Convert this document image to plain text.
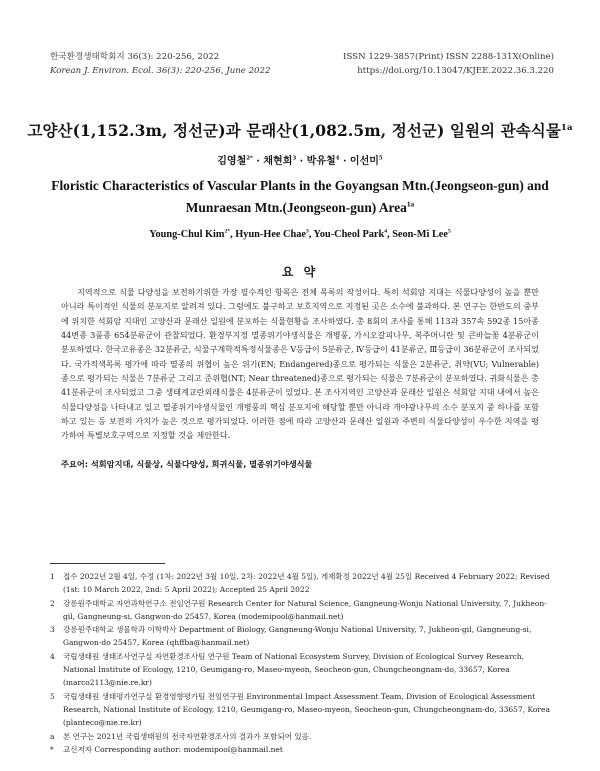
한국환경생태학회지 36(3): 220-256, 2022
Korean J. Environ. Ecol. 36(3): 220-256, June 2022
ISSN 1229-3857(Print) ISSN 2288-131X(Online)
https://doi.org/10.13047/KJEE.2022.36.3.220
고양산(1,152.3m, 정선군)과 문래산(1,082.5m, 정선군) 일원의 관속식물$^{1a}$
김영철$^{2*}$ · 채현희$^3$ · 박유철$^4$ · 이선미$^5$
Floristic Characteristics of Vascular Plants in the Goyangsan Mtn.(Jeongseon-gun) and
Munraesan Mtn.(Jeongseon-gun) Area$^{1a}$
Young-Chul Kim$^{2*}$, Hyun-Hee Chae$^3$, You-Cheol Park$^4$, Seon-Mi Lee$^5$
요 약

지역적으로 식물 다양성을 보전하기위한 가장 필수적인 항목은 전체 목록의 작성이다. 특히 석회암 지대는 식물다양성이 높을 뿐만 아니라 특이적인 식물의 분포지로 알려져 있다. 그럼에도 불구하고 보호지역으로 지정된 곳은 소수에 불과하다. 본 연구는 한반도의 중부에 위치한 석회암 지대인 고양산과 문래산 일원에 분포하는 식물현황을 조사하였다. 총 8회의 조사를 통해 113과 357속 592종 15아종 44변종 3품종 654분류군이 관찰되었다. 환경부지정 멸종위기야생식물은 개병풍, 가시오갈피나무, 복주머니란 및 큰바늘꽃 4분류군이 분포하였다. 한국고유종은 32분류군, 식물구계학적특정식물종은 V등급이 5분류군, Ⅳ등급이 41분류군, Ⅲ등급이 36분류군이 조사되었다. 국가적색목록 평가에 따라 멸종의 위협이 높은 위기(EN; Endangered)종으로 평가되는 식물은 2분류군, 취약(VU; Vulnerable)종으로 평가되는 식물은 7분류군 그리고 준위협(NT; Near threatened)종으로 평가되는 식물은 7분류군이 분포하였다. 귀화식물은 총 41분류군이 조사되었고 그중 생태계교란외래식물은 4분류군이 있었다. 본 조사지역인 고양산과 문래산 일원은 석회암 지대 내에서 높은 식물다양성을 나타내고 있고 멸종위기야생식물인 개병풍의 핵심 분포지에 해당할 뿐만 아니라 개야광나무의 소수 분포지 중 하나를 포함하고 있는 등 보전의 가치가 높은 것으로 평가되었다. 이러한 점에 따라 고양산과 문래산 일원과 주변의 식물다양성이 우수한 지역을 평가하여 특별보호구역으로 지정할 것을 제안한다.

주요어: 석회암지대, 식물상, 식물다양성, 희귀식물, 멸종위기야생식물
1 접수 2022년 2월 4일, 수정 (1차: 2022년 3월 10일, 2차: 2022년 4월 5일), 게재확정 2022년 4월 25일 Received 4 February 2022; Revised (1st: 10 March 2022, 2nd: 5 April 2022); Accepted 25 April 2022
2 강릉원주대학교 자연과학연구소 전임연구원 Research Center for Natural Science, Gangneung-Wonju National University, 7, Jukheon-gil, Gangneung-si, Gangwon-do 25457, Korea (modemipool@hanmail.net)
3 강릉원주대학교 생물학과 이학박사 Department of Biology, Gangneung-Wonju National University, 7, Jukheon-gil, Gangneung-si, Gangwon-do 25457, Korea (qhffba@hanmail.net)
4 국립생태원 생태조사연구실 자연환경조사팀 연구원 Team of National Ecosystem Survey, Division of Ecological Survey Research, National Institute of Ecology, 1210, Geumgang-ro, Maseo-myeon, Seocheon-gun, Chungcheongnam-do, 33657, Korea (marco2113@nie.re.kr)
5 국립생태원 생태평가연구실 환경영향평가팀 전임연구원 Environmental Impact Assessment Team, Division of Ecological Assessment Research, National Institute of Ecology, 1210, Geumgang-ro, Maseo-myeon, Seocheon-gun, Chungcheongnam-do, 33657, Korea (planteco@nie.re.kr)
a 본 연구는 2021년 국립생태원의 전국자연환경조사의 결과가 포함되어 있음.
* 교신저자 Corresponding author: modemipool@hanmail.net
